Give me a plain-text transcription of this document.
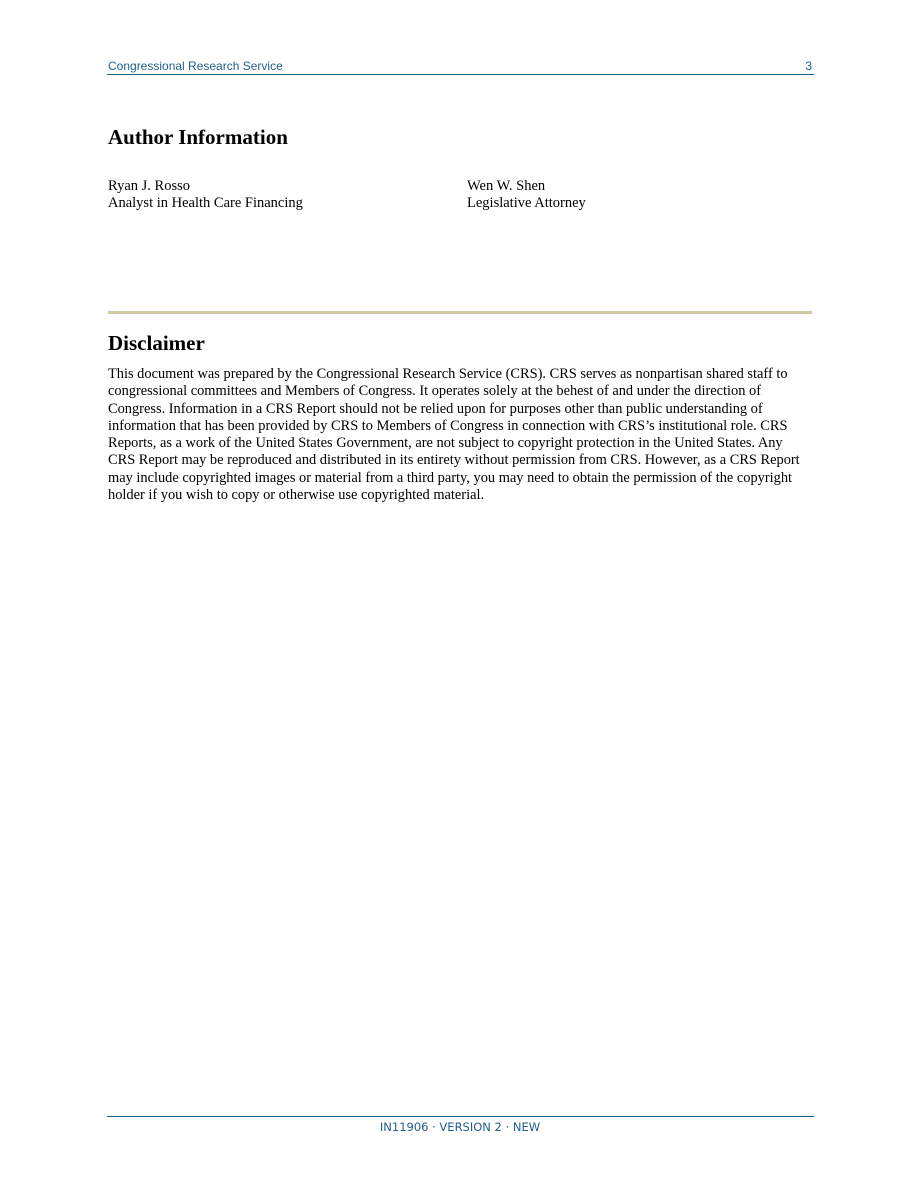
Congressional Research Service	3
Author Information
Ryan J. Rosso
Analyst in Health Care Financing
Wen W. Shen
Legislative Attorney
Disclaimer

This document was prepared by the Congressional Research Service (CRS). CRS serves as nonpartisan shared staff to congressional committees and Members of Congress. It operates solely at the behest of and under the direction of Congress. Information in a CRS Report should not be relied upon for purposes other than public understanding of information that has been provided by CRS to Members of Congress in connection with CRS’s institutional role. CRS Reports, as a work of the United States Government, are not subject to copyright protection in the United States. Any CRS Report may be reproduced and distributed in its entirety without permission from CRS. However, as a CRS Report may include copyrighted images or material from a third party, you may need to obtain the permission of the copyright holder if you wish to copy or otherwise use copyrighted material.

IN11906 · VERSION 2 · NEW
